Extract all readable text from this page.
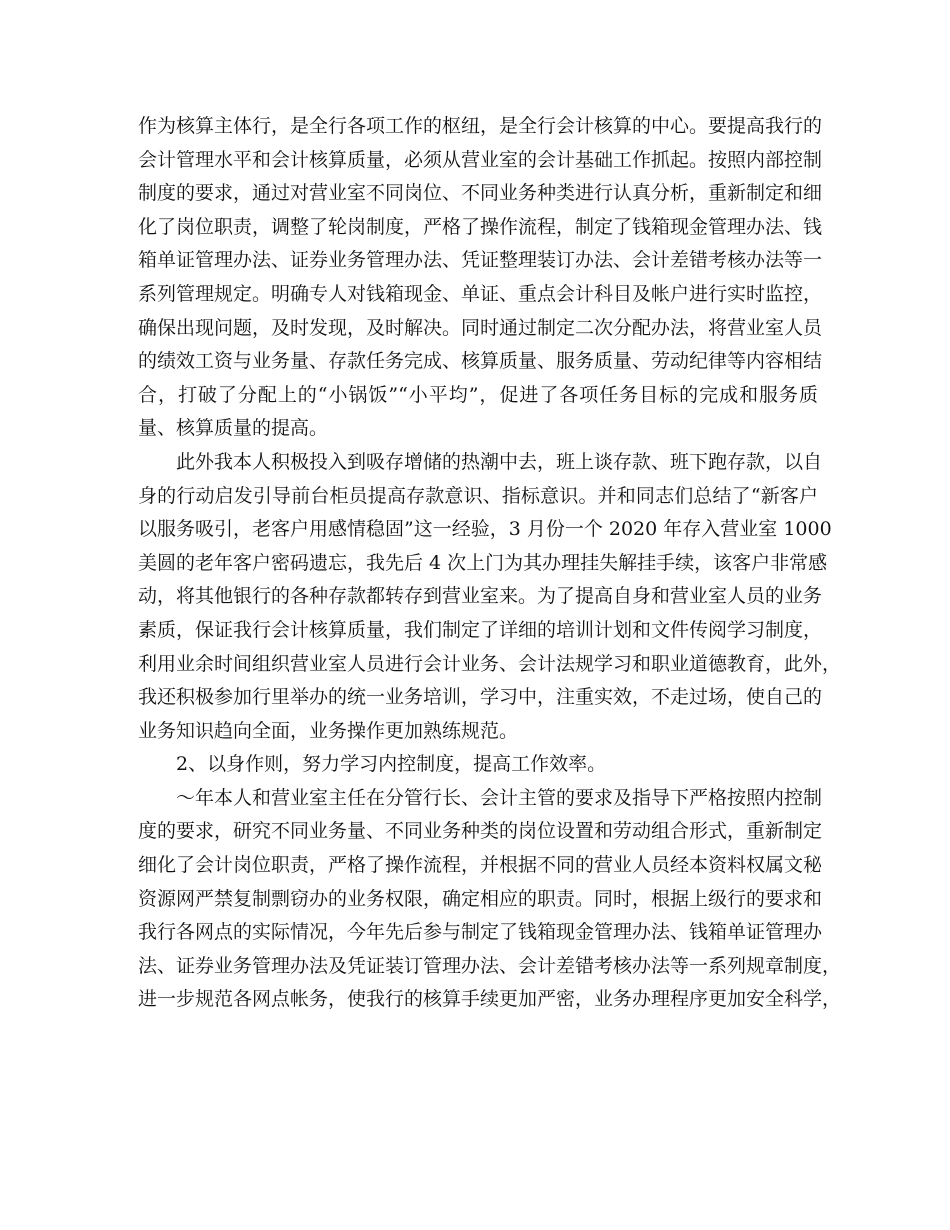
作为核算主体行，是全行各项工作的枢纽，是全行会计核算的中心。要提高我行的
会计管理水平和会计核算质量，必须从营业室的会计基础工作抓起。按照内部控制
制度的要求，通过对营业室不同岗位、不同业务种类进行认真分析，重新制定和细
化了岗位职责，调整了轮岗制度，严格了操作流程，制定了钱箱现金管理办法、钱
箱单证管理办法、证券业务管理办法、凭证整理装订办法、会计差错考核办法等一
系列管理规定。明确专人对钱箱现金、单证、重点会计科目及帐户进行实时监控，
确保出现问题，及时发现，及时解决。同时通过制定二次分配办法，将营业室人员
的绩效工资与业务量、存款任务完成、核算质量、服务质量、劳动纪律等内容相结
合，打破了分配上的“小锅饭”“小平均”，促进了各项任务目标的完成和服务质
量、核算质量的提高。
此外我本人积极投入到吸存增储的热潮中去，班上谈存款、班下跑存款，以自
身的行动启发引导前台柜员提高存款意识、指标意识。并和同志们总结了“新客户
以服务吸引，老客户用感情稳固”这一经验，3 月份一个 2020 年存入营业室 1000
美圆的老年客户密码遗忘，我先后 4 次上门为其办理挂失解挂手续，该客户非常感
动，将其他银行的各种存款都转存到营业室来。为了提高自身和营业室人员的业务
素质，保证我行会计核算质量，我们制定了详细的培训计划和文件传阅学习制度，
利用业余时间组织营业室人员进行会计业务、会计法规学习和职业道德教育，此外，
我还积极参加行里举办的统一业务培训，学习中，注重实效，不走过场，使自己的
业务知识趋向全面，业务操作更加熟练规范。
2、以身作则，努力学习内控制度，提高工作效率。
～年本人和营业室主任在分管行长、会计主管的要求及指导下严格按照内控制
度的要求，研究不同业务量、不同业务种类的岗位设置和劳动组合形式，重新制定
细化了会计岗位职责，严格了操作流程，并根据不同的营业人员经本资料权属文秘
资源网严禁复制剽窃办的业务权限，确定相应的职责。同时，根据上级行的要求和
我行各网点的实际情况，今年先后参与制定了钱箱现金管理办法、钱箱单证管理办
法、证券业务管理办法及凭证装订管理办法、会计差错考核办法等一系列规章制度，
进一步规范各网点帐务，使我行的核算手续更加严密，业务办理程序更加安全科学，
